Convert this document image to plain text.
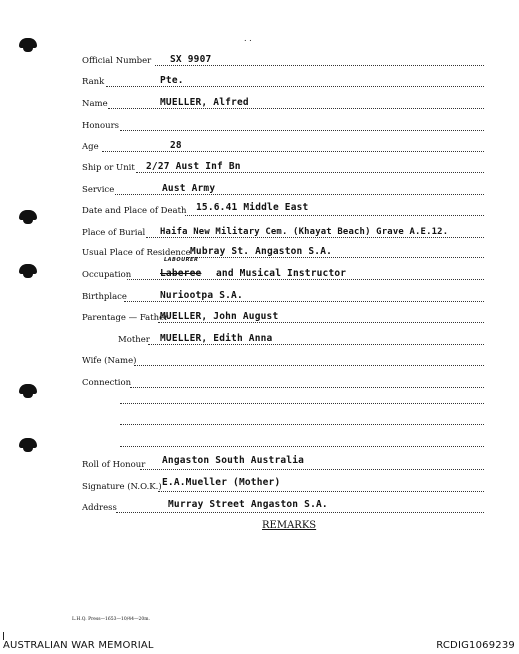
. .
Official Number SX 9907
Rank	Pte.
Name	MUELLER, Alfred
Honours
Age	28
Ship or Unit 2/27 Aust Inf Bn
Service	Aust Army
Date and Place of Death 15.6.41 Middle East
Place of Burial Haifa New Military Cem. (Khayat Beach) Grave A.E.12.
Usual Place of Residence Mubray St. Angaston S.A.
Occupation
LABOURER
Laberee and Musical Instructor
Birthplace	Nuriootpa S.A.
Parentage — Father
MUELLER, John August
Mother MUELLER, Edith Anna
Wife (Name)
Connection
Roll of Honour Angaston South Australia
Signature (N.O.K.) E.A.Mueller (Mother)
Address	Murray Street Angaston S.A.
REMARKS
L.H.Q. Press—1653—10/44—20m.
AUSTRALIAN WAR MEMORIAL	RCDIG1069239
